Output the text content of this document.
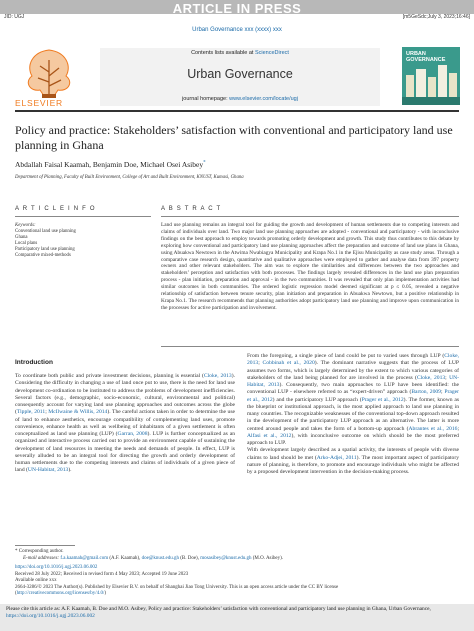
ARTICLE IN PRESS
JID: UGJ	[m5GeSdc;July 3, 2023;16:46]
Urban Governance xxx (xxxx) xxx
ELSEVIER
Contents lists available at ScienceDirect
Urban Governance
journal homepage: www.elsevier.com/locate/ugj
URBAN GOVERNANCE
Policy and practice: Stakeholders’ satisfaction with conventional and participatory land use planning in Ghana
Abdallah Faisal Kaamah, Benjamin Doe, Michael Osei Asibey*
Department of Planning, Faculty of Built Environment, College of Art and Built Environment, KNUST, Kumasi, Ghana
A R T I C L E I N F O
Keywords:
Conventional land use planning
Ghana
Local plans
Participatory land use planning
Comparative mixed-methods
A B S T R A C T
Land use planning remains an integral tool for guiding the growth and development of human settlements due to competing interests and claims of individuals over land. Two major land use planning approaches are adopted - conventional and participatory - with inconclusive findings on the best approach to employ towards promoting orderly development and growth. This study thus contributes to this debate by exploring how conventional and participatory land use planning approaches affect the preparation and outcome of land use plans in Ghana, using Abuakwa Newtown in the Atwima Nwabiagya Municipality and Krapa No.1 in the Ejisu Municipality as case study areas. Through a comparative case research design, quantitative and qualitative approaches were employed to gather and analyse data from 397 property owners and other relevant stakeholders. The aim was to explore the similarities and differences between the two approaches and stakeholders’ perception and satisfaction with both processes. The findings largely revealed differences in the land use plan preparation process - plan initiation, preparation and approval - in the two communities. It was revealed that only plan implementation activities had similar outcomes in both communities. The ordered logistic regression model deemed significant at p ≤ 0.05, revealed a negative relationship of satisfaction between tenure security, plan initiation and preparation in Abuakwa Newtown, but a positive relationship in Krapa No.1. The research recommends that planning authorities adopt participatory land use planning and improve upon communication in the processes for active participation and involvement.
Introduction
To coordinate both public and private investment decisions, planning is essential (Cloke, 2013). Considering the difficulty in changing a use of land once put to use, there is the need for land use development co-ordination to be instituted to address the problems of development inefficiencies. Several factors (e.g., demographic, socio-economic, cultural, environmental and political) consequently account for varying land use planning approaches and outcomes across the globe (Tipple, 2011; McIlwaine & Willis, 2014). The careful actions taken in order to determine the use of land to enhance aesthetics, encourage compatibility of complementing land uses, promote convenience, enhance health as well as wellbeing of inhabitants of a given settlement is often conceptualized as land use planning (LUP) (Garran, 2008). LUP is further conceptualized as an organized and interactive process carried out to provide an environment capable of sustaining the development of land resources in meeting the needs and demands of people. In effect, LUP is severally alluded to be an integral tool for directing the growth and orderly development of human settlements due to the competing interests and claims of individuals of a given piece of land (UN-Habitat, 2013).
From the foregoing, a single piece of land could be put to varied uses through LUP (Cloke, 2013; Cobbinah et al., 2020). The dominant narrative suggests that the process of LUP assumes two forms, which is largely determined by the extent to which various categories of stakeholders of the land being planned for are involved in the process (Cloke, 2013; UN-Habitat, 2013). Consequently, two main approaches to LUP have been identified: the conventional LUP - elsewhere referred to as “expert-driven” approach (Barton, 2009; Prager et al., 2012) and the participatory LUP approach (Prager et al., 2012). The former, known as the blueprint or institutional approach, is the most applied approach to land use planning in many countries. The recognizable weaknesses of the conventional top-down approach resulted in the development of the participatory LUP approach as an alternative. The latter is more centred around people and takes the form of a bottom-up approach (Abrantes et al., 2016; Alfasi et al., 2012), with inconclusive outcome on which should be the most preferred approach to LUP.
With development largely described as a spatial activity, the interests of people with diverse claims to land should be met (Arko-Adjei, 2011). The most important aspect of participatory nature of planning, is therefore, to promote and encourage individuals who might be affected by a proposed development intervention in the decision-making process.
* Corresponding author.
E-mail addresses: f.a.kaamah@gmail.com (A.F. Kaamah), doe@knust.edu.gh (B. Doe), mosasibey@knust.edu.gh (M.O. Asibey).
https://doi.org/10.1016/j.ugj.2023.06.002
Received 28 July 2022; Received in revised form 4 May 2023; Accepted 19 June 2023
Available online xxx
2664-3286/© 2023 The Author(s). Published by Elsevier B.V. on behalf of Shanghai Jiao Tong University. This is an open access article under the CC BY license
(http://creativecommons.org/licenses/by/4.0/)
Please cite this article as: A.F. Kaamah, B. Doe and M.O. Asibey, Policy and practice: Stakeholders’ satisfaction with conventional and participatory land use planning in Ghana, Urban Governance, https://doi.org/10.1016/j.ugj.2023.06.002
